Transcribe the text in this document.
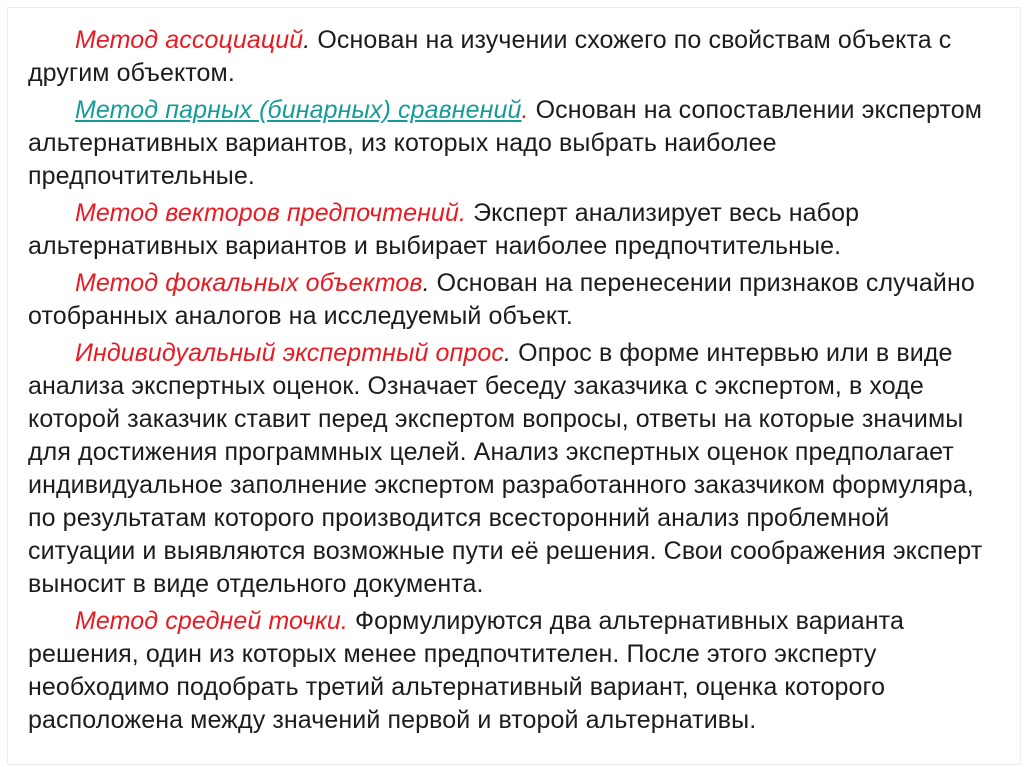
Метод ассоциаций. Основан на изучении схожего по свойствам объекта с другим объектом.

Метод парных (бинарных) сравнений. Основан на сопоставлении экспертом альтернативных вариантов, из которых надо выбрать наиболее предпочтительные.

Метод векторов предпочтений. Эксперт анализирует весь набор альтернативных вариантов и выбирает наиболее предпочтительные.

Метод фокальных объектов. Основан на перенесении признаков случайно отобранных аналогов на исследуемый объект.

Индивидуальный экспертный опрос. Опрос в форме интервью или в виде анализа экспертных оценок. Означает беседу заказчика с экспертом, в ходе которой заказчик ставит перед экспертом вопросы, ответы на которые значимы для достижения программных целей. Анализ экспертных оценок предполагает индивидуальное заполнение экспертом разработанного заказчиком формуляра, по результатам которого производится всесторонний анализ проблемной ситуации и выявляются возможные пути её решения. Свои соображения эксперт выносит в виде отдельного документа.

Метод средней точки. Формулируются два альтернативных варианта решения, один из которых менее предпочтителен. После этого эксперту необходимо подобрать третий альтернативный вариант, оценка которого расположена между значений первой и второй альтернативы.
